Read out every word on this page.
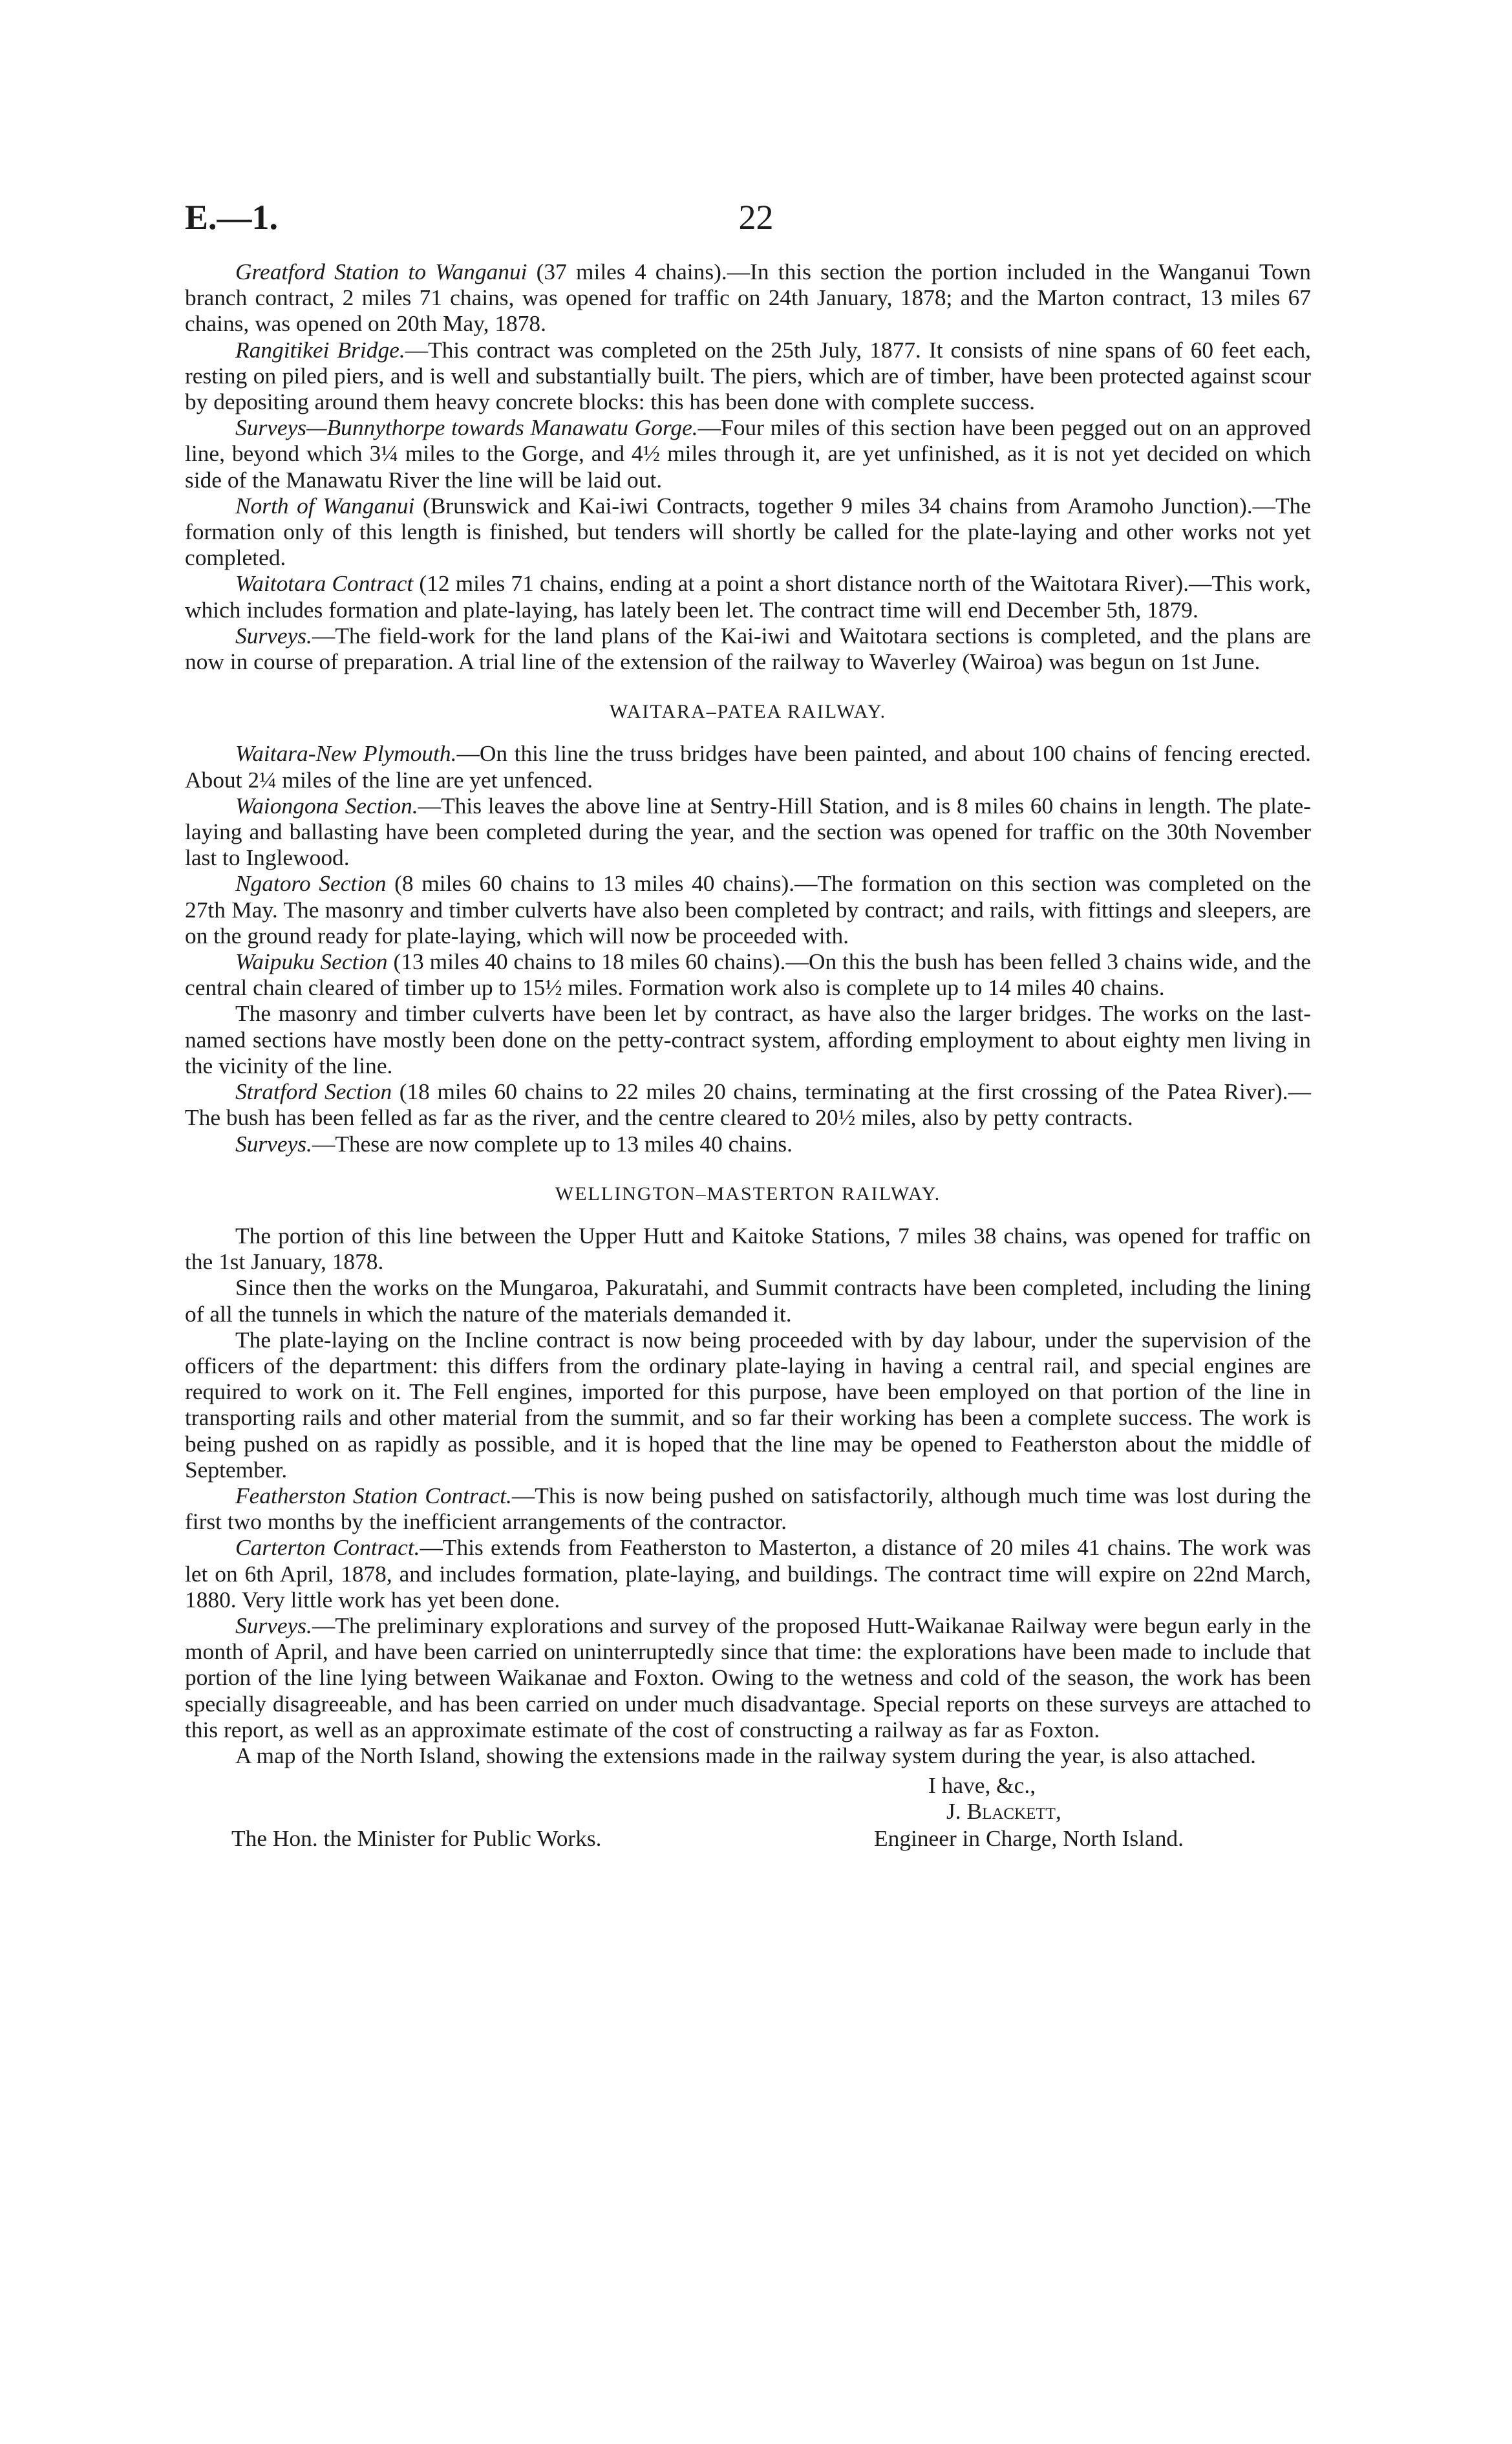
E.—1.	22

Greatford Station to Wanganui (37 miles 4 chains).—In this section the portion included in the Wanganui Town branch contract, 2 miles 71 chains, was opened for traffic on 24th January, 1878; and the Marton contract, 13 miles 67 chains, was opened on 20th May, 1878.

Rangitikei Bridge.—This contract was completed on the 25th July, 1877. It consists of nine spans of 60 feet each, resting on piled piers, and is well and substantially built. The piers, which are of timber, have been protected against scour by depositing around them heavy concrete blocks: this has been done with complete success.

Surveys—Bunnythorpe towards Manawatu Gorge.—Four miles of this section have been pegged out on an approved line, beyond which 3¼ miles to the Gorge, and 4½ miles through it, are yet unfinished, as it is not yet decided on which side of the Manawatu River the line will be laid out.

North of Wanganui (Brunswick and Kai-iwi Contracts, together 9 miles 34 chains from Aramoho Junction).—The formation only of this length is finished, but tenders will shortly be called for the plate-laying and other works not yet completed.

Waitotara Contract (12 miles 71 chains, ending at a point a short distance north of the Waitotara River).—This work, which includes formation and plate-laying, has lately been let. The contract time will end December 5th, 1879.

Surveys.—The field-work for the land plans of the Kai-iwi and Waitotara sections is completed, and the plans are now in course of preparation. A trial line of the extension of the railway to Waverley (Wairoa) was begun on 1st June.

WAITARA–PATEA RAILWAY.

Waitara-New Plymouth.—On this line the truss bridges have been painted, and about 100 chains of fencing erected. About 2¼ miles of the line are yet unfenced.

Waiongona Section.—This leaves the above line at Sentry-Hill Station, and is 8 miles 60 chains in length. The plate-laying and ballasting have been completed during the year, and the section was opened for traffic on the 30th November last to Inglewood.

Ngatoro Section (8 miles 60 chains to 13 miles 40 chains).—The formation on this section was completed on the 27th May. The masonry and timber culverts have also been completed by contract; and rails, with fittings and sleepers, are on the ground ready for plate-laying, which will now be proceeded with.

Waipuku Section (13 miles 40 chains to 18 miles 60 chains).—On this the bush has been felled 3 chains wide, and the central chain cleared of timber up to 15½ miles. Formation work also is complete up to 14 miles 40 chains.

The masonry and timber culverts have been let by contract, as have also the larger bridges. The works on the last-named sections have mostly been done on the petty-contract system, affording employment to about eighty men living in the vicinity of the line.

Stratford Section (18 miles 60 chains to 22 miles 20 chains, terminating at the first crossing of the Patea River).—The bush has been felled as far as the river, and the centre cleared to 20½ miles, also by petty contracts.

Surveys.—These are now complete up to 13 miles 40 chains.

WELLINGTON–MASTERTON RAILWAY.

The portion of this line between the Upper Hutt and Kaitoke Stations, 7 miles 38 chains, was opened for traffic on the 1st January, 1878.

Since then the works on the Mungaroa, Pakuratahi, and Summit contracts have been completed, including the lining of all the tunnels in which the nature of the materials demanded it.

The plate-laying on the Incline contract is now being proceeded with by day labour, under the supervision of the officers of the department: this differs from the ordinary plate-laying in having a central rail, and special engines are required to work on it. The Fell engines, imported for this purpose, have been employed on that portion of the line in transporting rails and other material from the summit, and so far their working has been a complete success. The work is being pushed on as rapidly as possible, and it is hoped that the line may be opened to Featherston about the middle of September.

Featherston Station Contract.—This is now being pushed on satisfactorily, although much time was lost during the first two months by the inefficient arrangements of the contractor.

Carterton Contract.—This extends from Featherston to Masterton, a distance of 20 miles 41 chains. The work was let on 6th April, 1878, and includes formation, plate-laying, and buildings. The contract time will expire on 22nd March, 1880. Very little work has yet been done.

Surveys.—The preliminary explorations and survey of the proposed Hutt-Waikanae Railway were begun early in the month of April, and have been carried on uninterruptedly since that time: the explorations have been made to include that portion of the line lying between Waikanae and Foxton. Owing to the wetness and cold of the season, the work has been specially disagreeable, and has been carried on under much disadvantage. Special reports on these surveys are attached to this report, as well as an approximate estimate of the cost of constructing a railway as far as Foxton.

A map of the North Island, showing the extensions made in the railway system during the year, is also attached.

I have, &c.,
J. Blackett,
The Hon. the Minister for Public Works.	Engineer in Charge, North Island.
